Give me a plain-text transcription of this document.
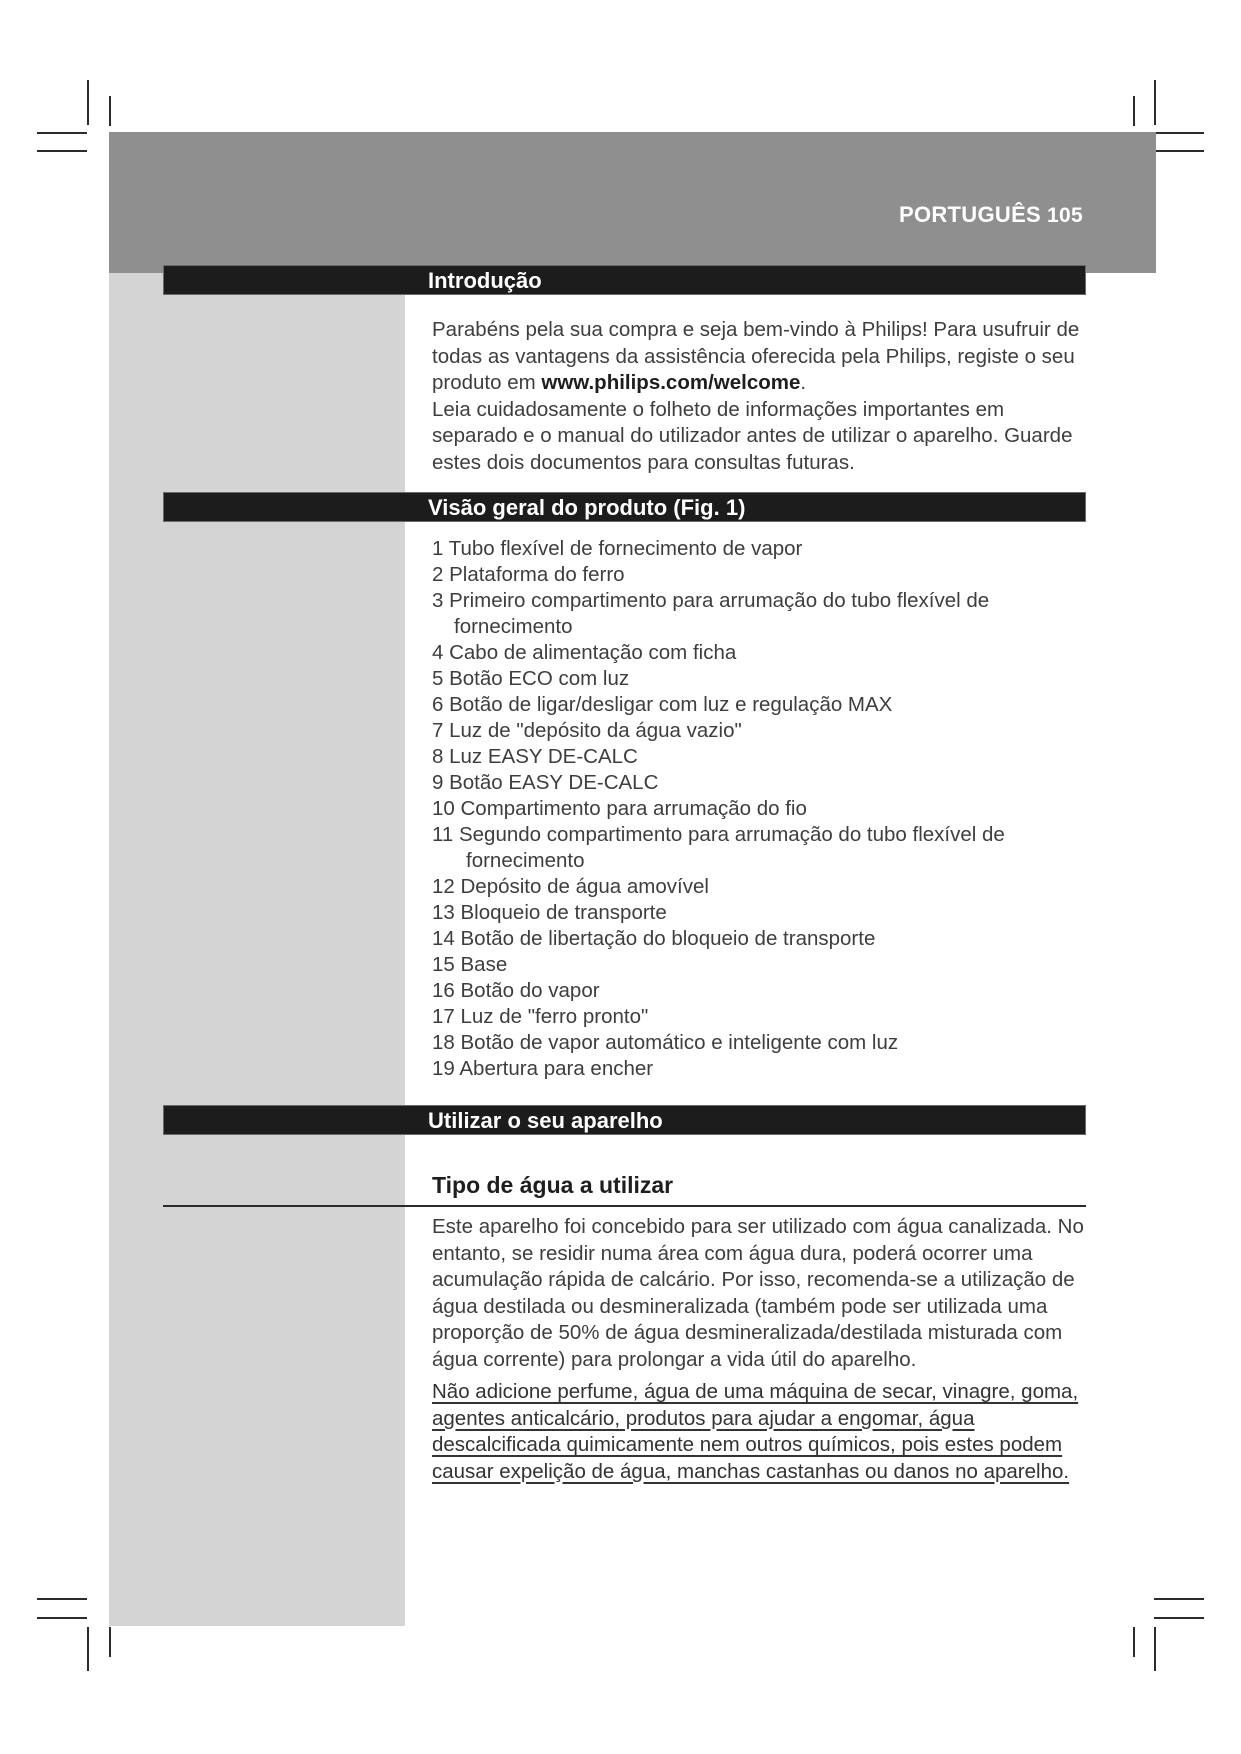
PORTUGUÊS 105
Introdução

Parabéns pela sua compra e seja bem-vindo à Philips! Para usufruir de todas as vantagens da assistência oferecida pela Philips, registe o seu produto em www.philips.com/welcome.

Leia cuidadosamente o folheto de informações importantes em separado e o manual do utilizador antes de utilizar o aparelho. Guarde estes dois documentos para consultas futuras.

Visão geral do produto (Fig. 1)
1 Tubo flexível de fornecimento de vapor
2 Plataforma do ferro
3 Primeiro compartimento para arrumação do tubo flexível de fornecimento
4 Cabo de alimentação com ficha
5 Botão ECO com luz
6 Botão de ligar/desligar com luz e regulação MAX
7 Luz de "depósito da água vazio"
8 Luz EASY DE-CALC
9 Botão EASY DE-CALC
10 Compartimento para arrumação do fio
11 Segundo compartimento para arrumação do tubo flexível de fornecimento
12 Depósito de água amovível
13 Bloqueio de transporte
14 Botão de libertação do bloqueio de transporte
15 Base
16 Botão do vapor
17 Luz de "ferro pronto"
18 Botão de vapor automático e inteligente com luz
19 Abertura para encher
Utilizar o seu aparelho
Tipo de água a utilizar

Este aparelho foi concebido para ser utilizado com água canalizada. No entanto, se residir numa área com água dura, poderá ocorrer uma acumulação rápida de calcário. Por isso, recomenda-se a utilização de água destilada ou desmineralizada (também pode ser utilizada uma proporção de 50% de água desmineralizada/destilada misturada com água corrente) para prolongar a vida útil do aparelho.

Não adicione perfume, água de uma máquina de secar, vinagre, goma, agentes anticalcário, produtos para ajudar a engomar, água descalcificada quimicamente nem outros químicos, pois estes podem causar expelição de água, manchas castanhas ou danos no aparelho.
